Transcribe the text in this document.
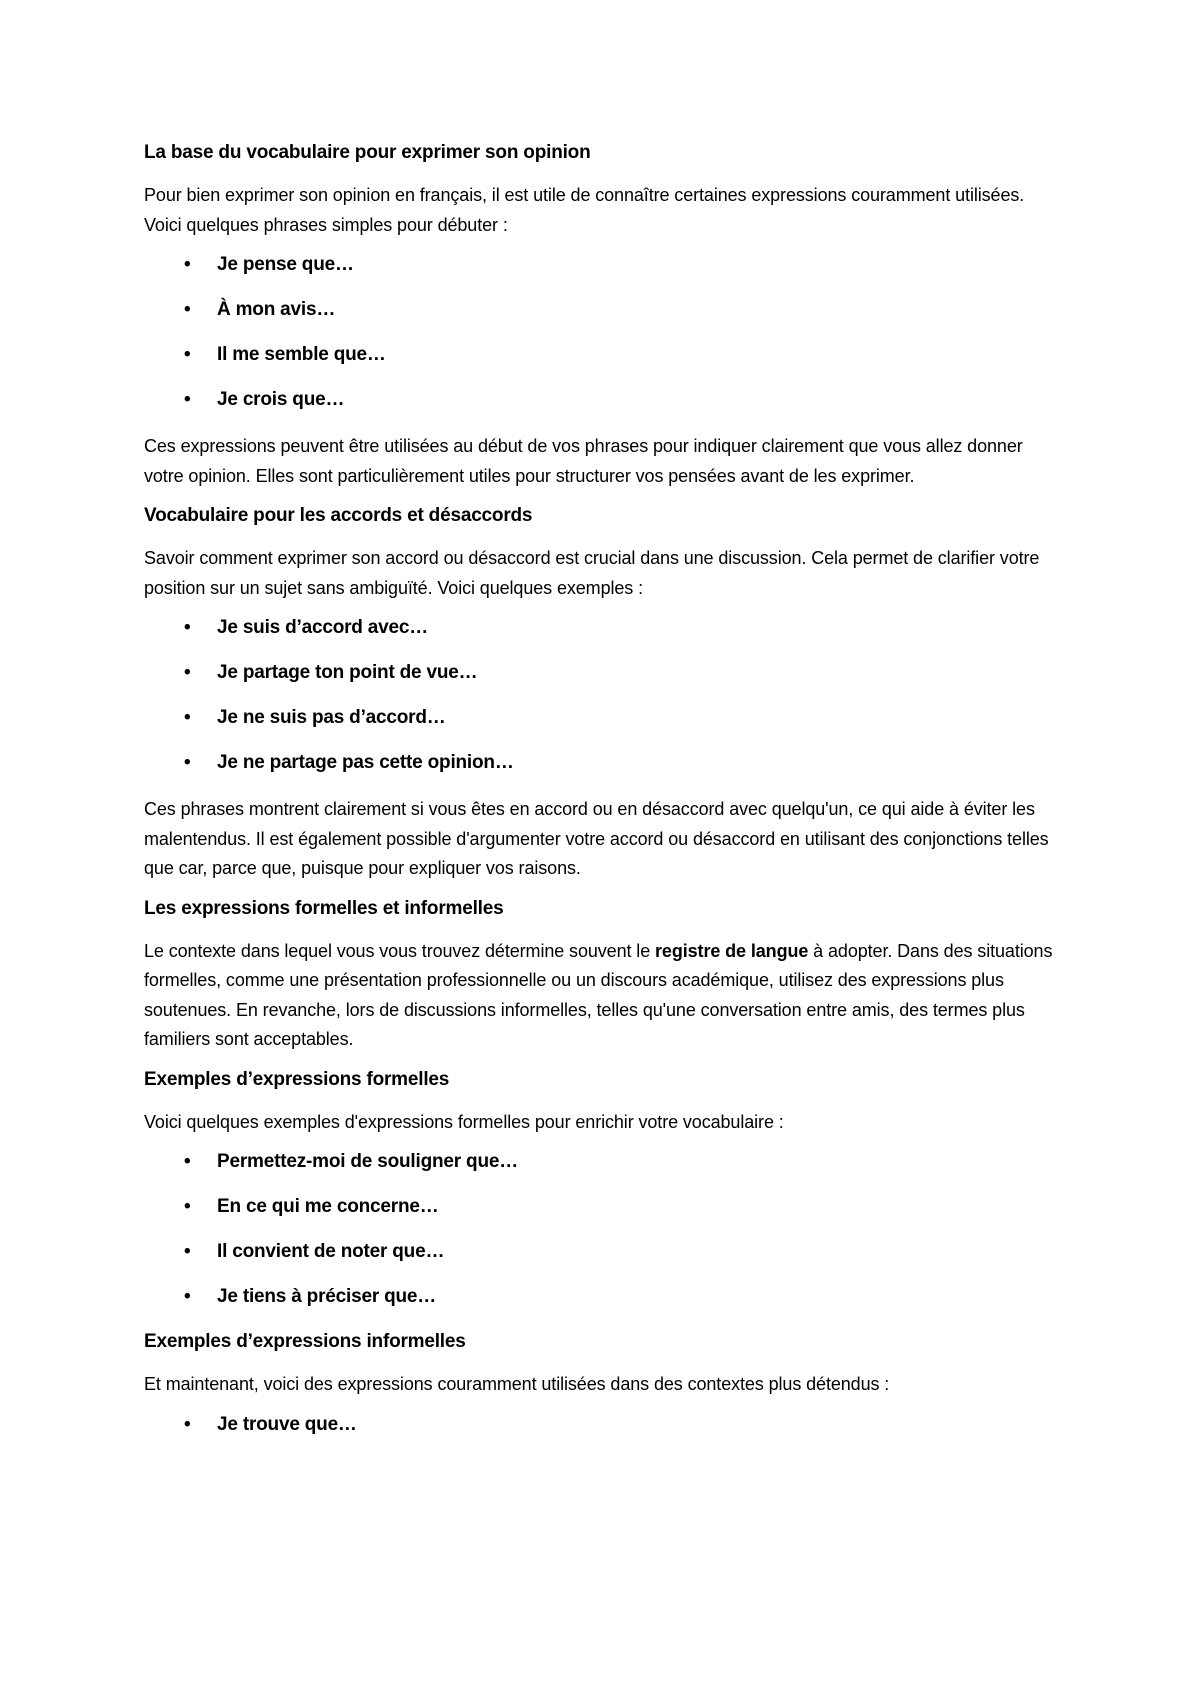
La base du vocabulaire pour exprimer son opinion

Pour bien exprimer son opinion en français, il est utile de connaître certaines expressions couramment utilisées. Voici quelques phrases simples pour débuter :

• Je pense que…
• À mon avis…
• Il me semble que…
• Je crois que…

Ces expressions peuvent être utilisées au début de vos phrases pour indiquer clairement que vous allez donner votre opinion. Elles sont particulièrement utiles pour structurer vos pensées avant de les exprimer.

Vocabulaire pour les accords et désaccords

Savoir comment exprimer son accord ou désaccord est crucial dans une discussion. Cela permet de clarifier votre position sur un sujet sans ambiguïté. Voici quelques exemples :

• Je suis d’accord avec…
• Je partage ton point de vue…
• Je ne suis pas d’accord…
• Je ne partage pas cette opinion…

Ces phrases montrent clairement si vous êtes en accord ou en désaccord avec quelqu'un, ce qui aide à éviter les malentendus. Il est également possible d'argumenter votre accord ou désaccord en utilisant des conjonctions telles que car, parce que, puisque pour expliquer vos raisons.

Les expressions formelles et informelles

Le contexte dans lequel vous vous trouvez détermine souvent le registre de langue à adopter. Dans des situations formelles, comme une présentation professionnelle ou un discours académique, utilisez des expressions plus soutenues. En revanche, lors de discussions informelles, telles qu'une conversation entre amis, des termes plus familiers sont acceptables.

Exemples d’expressions formelles

Voici quelques exemples d'expressions formelles pour enrichir votre vocabulaire :

• Permettez-moi de souligner que…
• En ce qui me concerne…
• Il convient de noter que…
• Je tiens à préciser que…
Exemples d’expressions informelles

Et maintenant, voici des expressions couramment utilisées dans des contextes plus détendus :

• Je trouve que…
